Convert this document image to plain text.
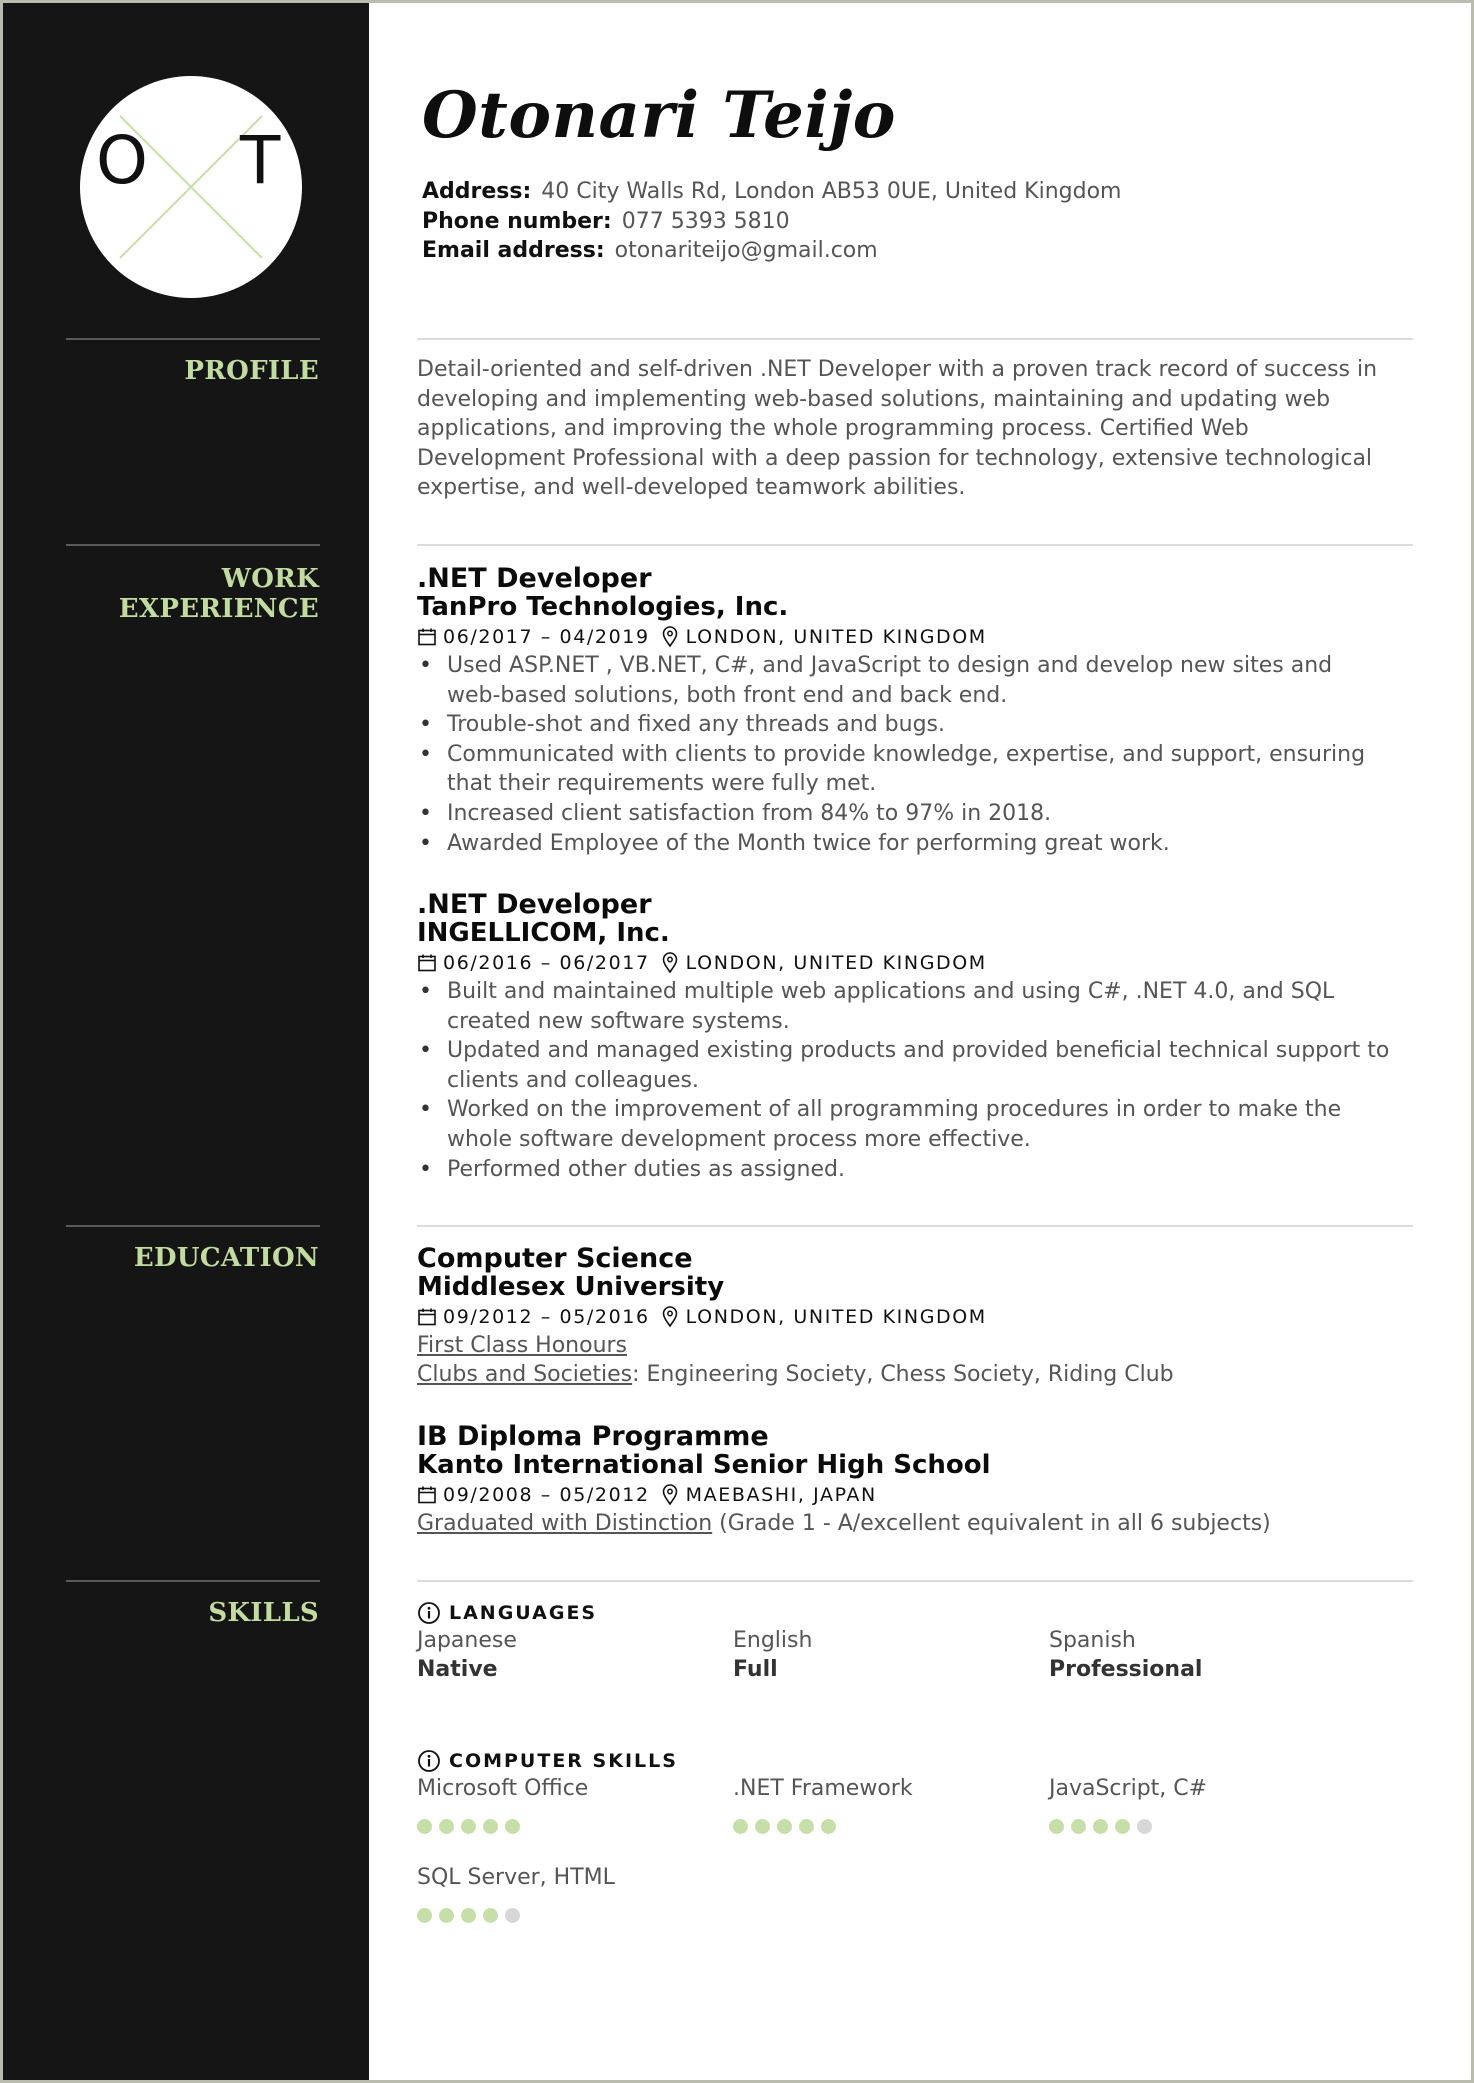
O T
PROFILE
WORK
EXPERIENCE
EDUCATION
SKILLS
Otonari Teijo
Address: 40 City Walls Rd, London AB53 0UE, United Kingdom
Phone number: 077 5393 5810
Email address: otonariteijo@gmail.com
Detail-oriented and self-driven .NET Developer with a proven track record of success in
developing and implementing web-based solutions, maintaining and updating web
applications, and improving the whole programming process. Certified Web
Development Professional with a deep passion for technology, extensive technological
expertise, and well-developed teamwork abilities.
.NET Developer
TanPro Technologies, Inc.
06/2017 – 04/2019 LONDON, UNITED KINGDOM
• Used ASP.NET , VB.NET, C#, and JavaScript to design and develop new sites and
web-based solutions, both front end and back end.
• Trouble-shot and fixed any threads and bugs.
• Communicated with clients to provide knowledge, expertise, and support, ensuring
that their requirements were fully met.
• Increased client satisfaction from 84% to 97% in 2018.
• Awarded Employee of the Month twice for performing great work.
.NET Developer
INGELLICOM, Inc.
06/2016 – 06/2017 LONDON, UNITED KINGDOM
• Built and maintained multiple web applications and using C#, .NET 4.0, and SQL
created new software systems.
• Updated and managed existing products and provided beneficial technical support to
clients and colleagues.
• Worked on the improvement of all programming procedures in order to make the
whole software development process more effective.
• Performed other duties as assigned.
Computer Science
Middlesex University
09/2012 – 05/2016 LONDON, UNITED KINGDOM
First Class Honours
Clubs and Societies: Engineering Society, Chess Society, Riding Club
IB Diploma Programme
Kanto International Senior High School
09/2008 – 05/2012 MAEBASHI, JAPAN
Graduated with Distinction (Grade 1 - A/excellent equivalent in all 6 subjects)
LANGUAGES
Japanese
Native
English
Full
Spanish
Professional
COMPUTER SKILLS
Microsoft Office	.NET Framework	JavaScript, C#
SQL Server, HTML
